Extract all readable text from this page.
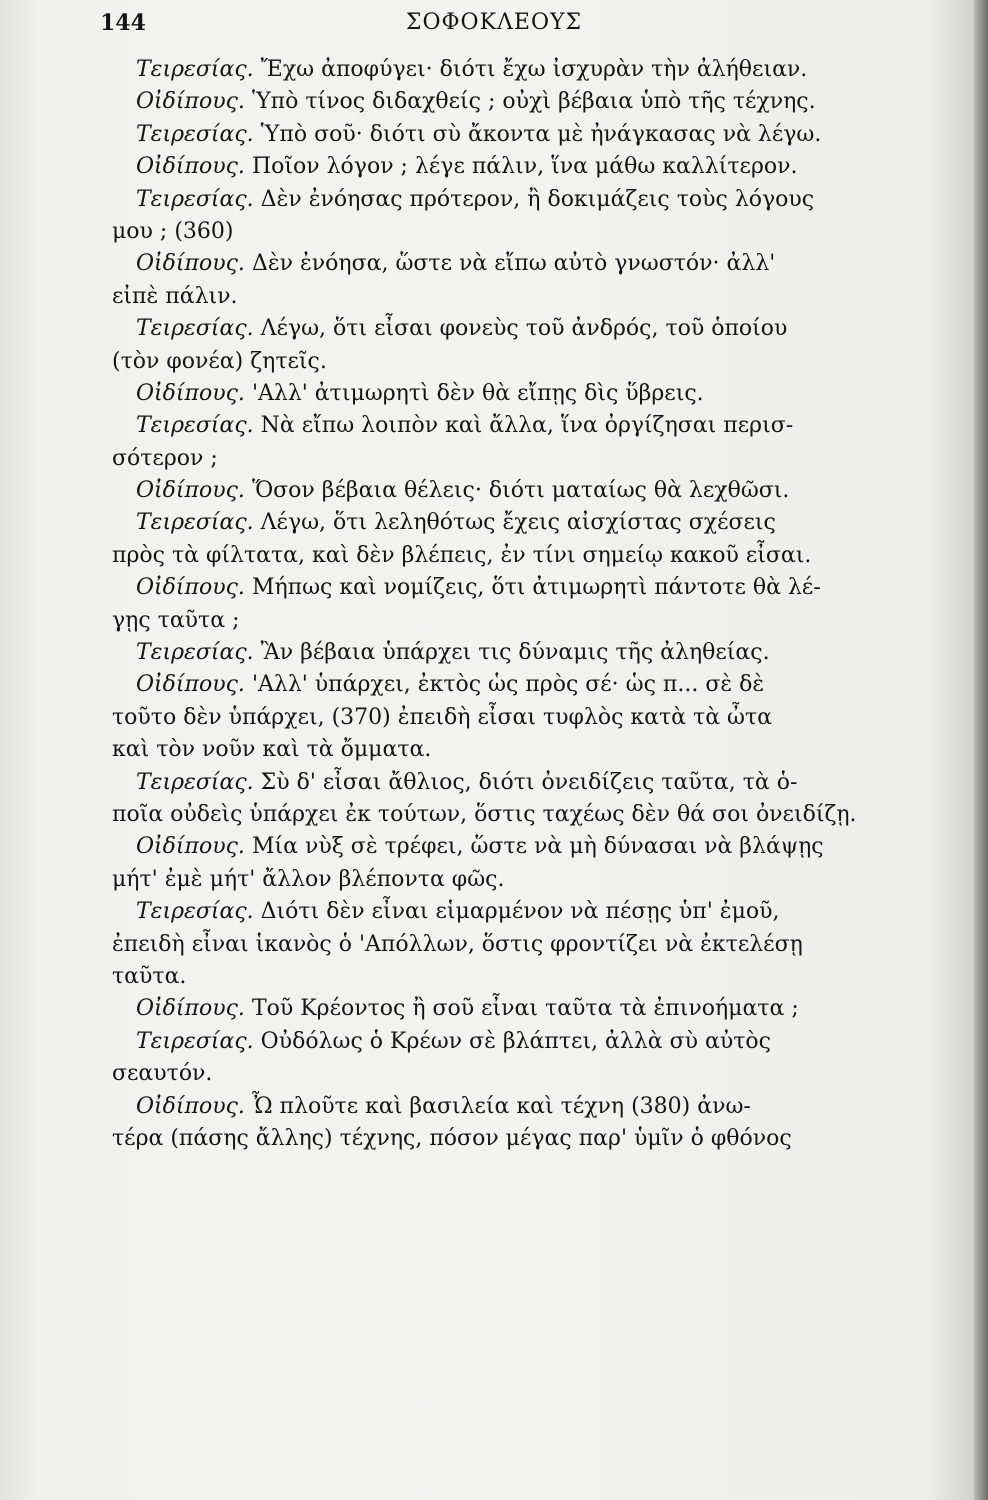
144	ΣΟΦΟΚΛΕΟΥΣ
Τειρεσίας. Ἔχω ἀποφύγει· διότι ἔχω ἰσχυρὰν τὴν ἀλήθειαν.
Οἰδίπους. Ὑπὸ τίνος διδαχθείς ; οὐχὶ βέβαια ὑπὸ τῆς τέχνης.
Τειρεσίας. Ὑπὸ σοῦ· διότι σὺ ἄκοντα μὲ ἠνάγκασας νὰ λέγω.
Οἰδίπους. Ποῖον λόγον ; λέγε πάλιν, ἵνα μάθω καλλίτερον.
Τειρεσίας. Δὲν ἐνόησας πρότερον, ἢ δοκιμάζεις τοὺς λόγους
μου ; (360)
Οἰδίπους. Δὲν ἐνόησα, ὥστε νὰ εἴπω αὐτὸ γνωστόν· ἀλλ'
εἰπὲ πάλιν.
Τειρεσίας. Λέγω, ὅτι εἶσαι φονεὺς τοῦ ἀνδρός, τοῦ ὁποίου
(τὸν φονέα) ζητεῖς.
Οἰδίπους. 'Αλλ' ἀτιμωρητὶ δὲν θὰ εἴπῃς δὶς ὕβρεις.
Τειρεσίας. Νὰ εἴπω λοιπὸν καὶ ἄλλα, ἵνα ὀργίζησαι περισ-
σότερον ;
Οἰδίπους. Ὅσον βέβαια θέλεις· διότι ματαίως θὰ λεχθῶσι.
Τειρεσίας. Λέγω, ὅτι λεληθότως ἔχεις αἰσχίστας σχέσεις
πρὸς τὰ φίλτατα, καὶ δὲν βλέπεις, ἐν τίνι σημείῳ κακοῦ εἶσαι.
Οἰδίπους. Μήπως καὶ νομίζεις, ὅτι ἀτιμωρητὶ πάντοτε θὰ λέ-
γῃς ταῦτα ;
Τειρεσίας. Ἂν βέβαια ὑπάρχει τις δύναμις τῆς ἀληθείας.
Οἰδίπους. 'Αλλ' ὑπάρχει, ἐκτὸς ὡς πρὸς σέ· ὡς π... σὲ δὲ
τοῦτο δὲν ὑπάρχει, (370) ἐπειδὴ εἶσαι τυφλὸς κατὰ τὰ ὦτα
καὶ τὸν νοῦν καὶ τὰ ὄμματα.
Τειρεσίας. Σὺ δ' εἶσαι ἄθλιος, διότι ὀνειδίζεις ταῦτα, τὰ ὁ-
ποῖα οὐδεὶς ὑπάρχει ἐκ τούτων, ὅστις ταχέως δὲν θά σοι ὀνειδίζῃ.
Οἰδίπους. Μία νὺξ σὲ τρέφει, ὥστε νὰ μὴ δύνασαι νὰ βλάψῃς
μήτ' ἐμὲ μήτ' ἄλλον βλέποντα φῶς.
Τειρεσίας. Διότι δὲν εἶναι εἱμαρμένον νὰ πέσῃς ὑπ' ἐμοῦ,
ἐπειδὴ εἶναι ἱκανὸς ὁ 'Απόλλων, ὅστις φροντίζει νὰ ἐκτελέσῃ
ταῦτα.
Οἰδίπους. Τοῦ Κρέοντος ἢ σοῦ εἶναι ταῦτα τὰ ἐπινοήματα ;
Τειρεσίας. Οὐδόλως ὁ Κρέων σὲ βλάπτει, ἀλλὰ σὺ αὐτὸς
σεαυτόν.
Οἰδίπους. Ὦ πλοῦτε καὶ βασιλεία καὶ τέχνη (380) ἀνω-
τέρα (πάσης ἄλλης) τέχνης, πόσον μέγας παρ' ὑμῖν ὁ φθόνος
